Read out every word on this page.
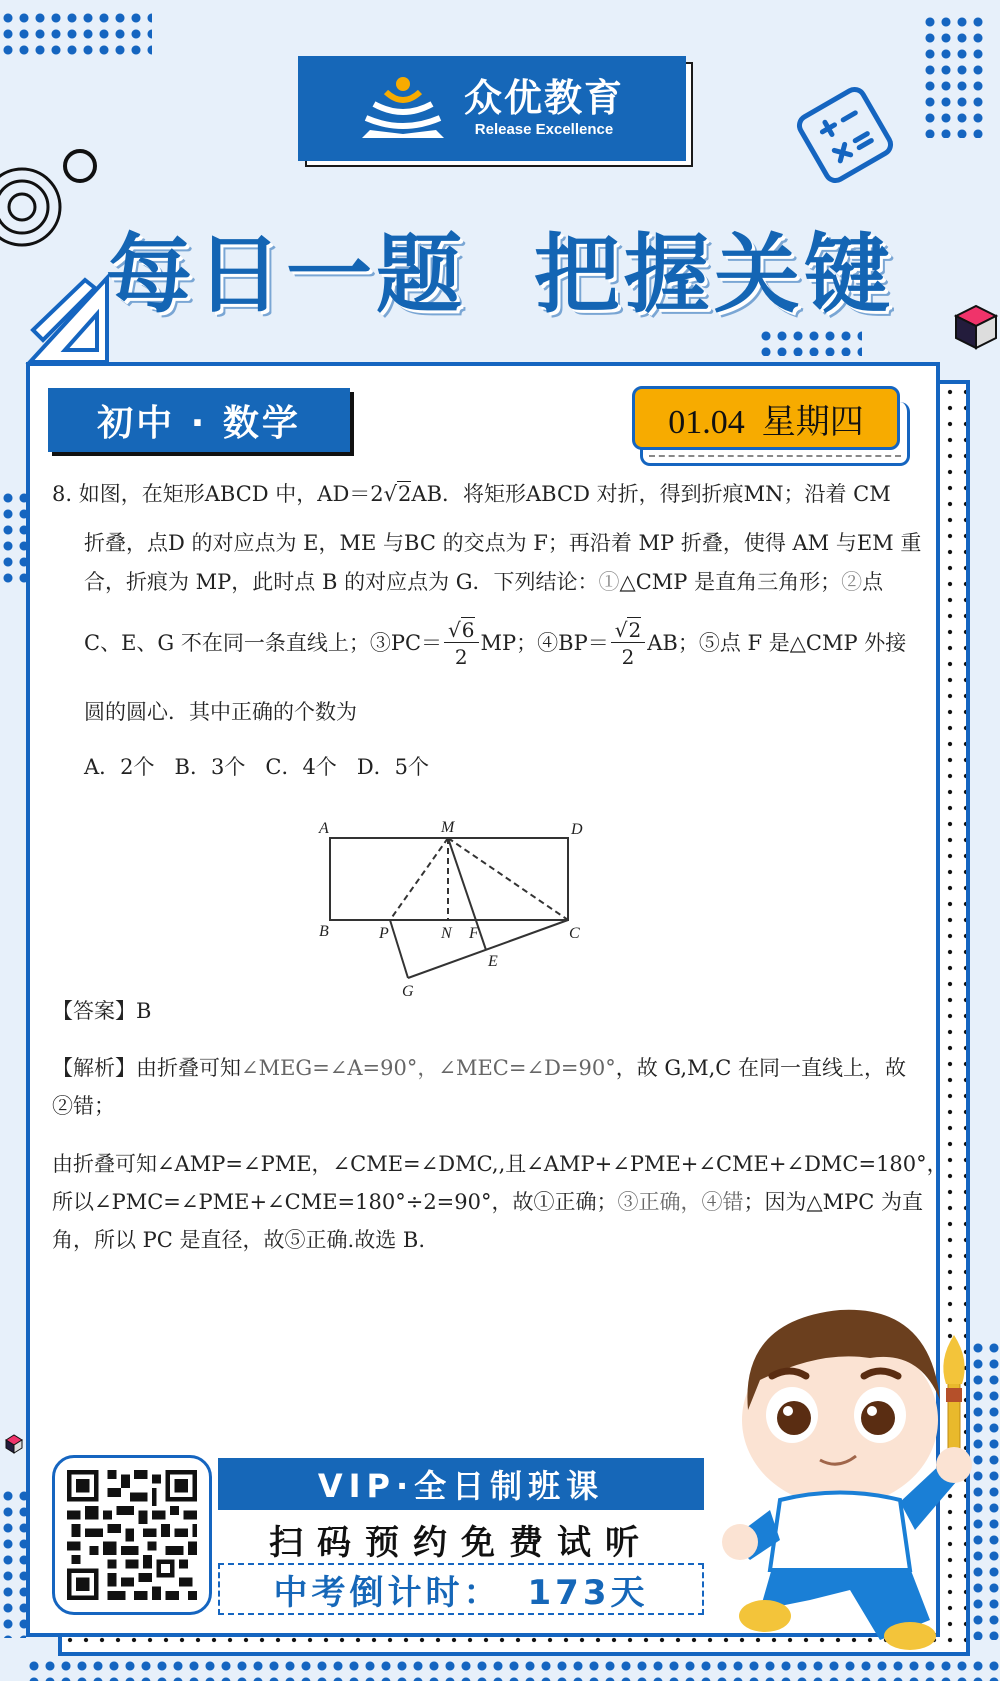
众优教育
Release Excellence
每日一题  把握关键
初中 · 数学	01.04  星期四
8. 如图，在矩形ABCD 中，AD＝2√2AB．将矩形ABCD 对折，得到折痕MN；沿着 CM
折叠，点D 的对应点为 E，ME 与BC 的交点为 F；再沿着 MP 折叠，使得 AM 与EM 重
合，折痕为 MP，此时点 B 的对应点为 G．下列结论：①△CMP 是直角三角形；②点
C、E、G 不在同一条直线上；③PC＝ $\frac{√6}{2}$ MP；④BP＝ $\frac{√2}{2}$ AB；⑤点 F 是△CMP 外接
圆的圆心．其中正确的个数为
A．2个   B．3个   C．4个   D．5个
A	M	D
B	P	N F	C
E
G
【答案】B
【解析】由折叠可知∠MEG=∠A=90°，∠MEC=∠D=90°，故 G,M,C 在同一直线上，故
②错；
由折叠可知∠AMP=∠PME，∠CME=∠DMC,,且∠AMP+∠PME+∠CME+∠DMC=180°，
所以∠PMC=∠PME+∠CME=180°÷2=90°，故①正确；③正确，④错；因为△MPC 为直
角，所以 PC 是直径，故⑤正确.故选 B.
VIP·全日制班课
扫码预约免费试听
中考倒计时： 173天
